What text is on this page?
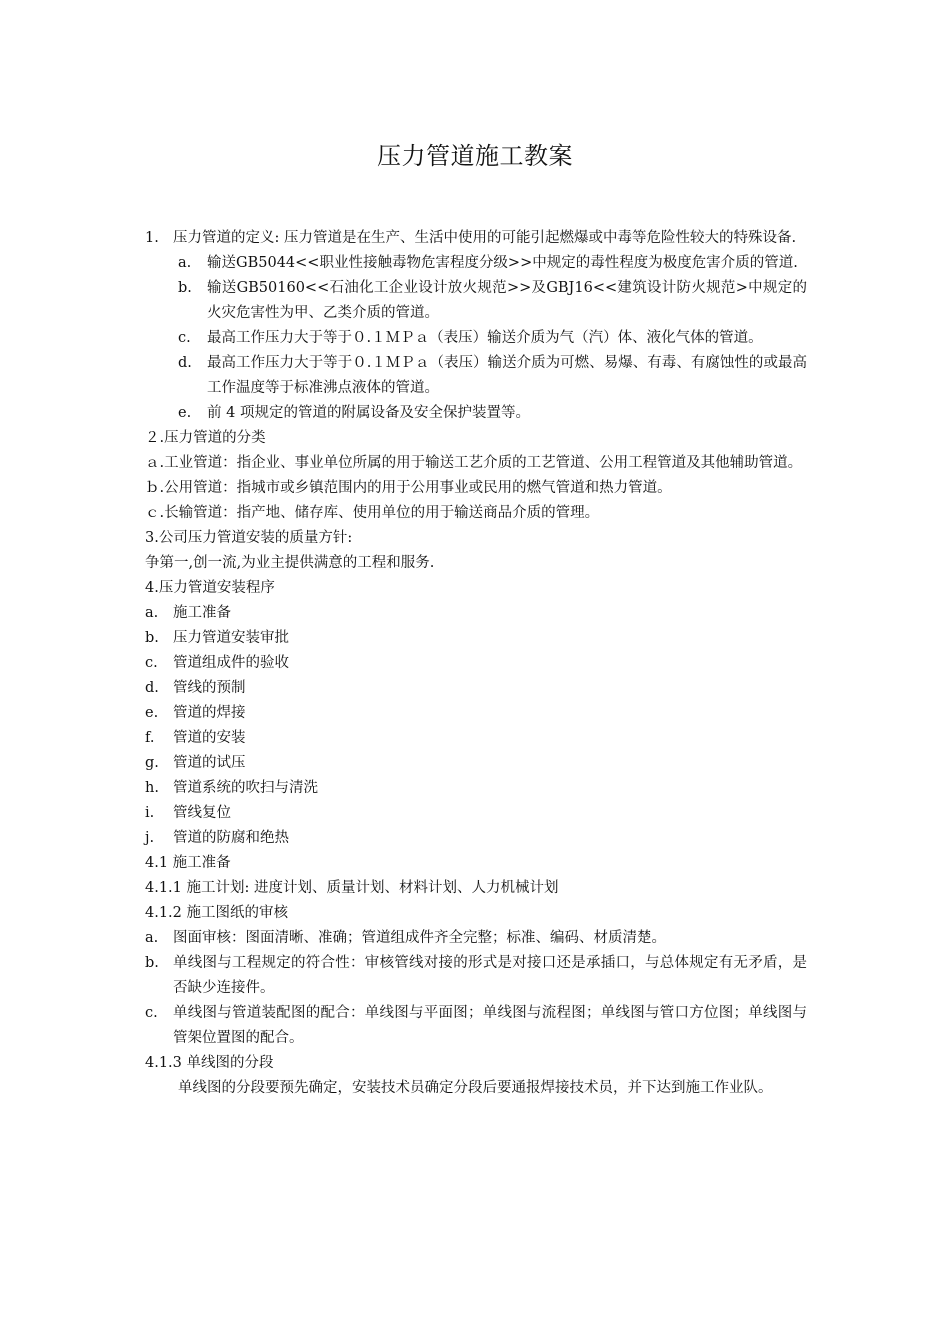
压力管道施工教案
1. 压力管道的定义: 压力管道是在生产、生活中使用的可能引起燃爆或中毒等危险性较大的特殊设备.
a. 输送GB5044<<职业性接触毒物危害程度分级>>中规定的毒性程度为极度危害介质的管道.
b. 输送GB50160<<石油化工企业设计放火规范>>及GBJ16<<建筑设计防火规范>中规定的火灾危害性为甲、乙类介质的管道。
c. 最高工作压力大于等于０.１ＭＰａ（表压）输送介质为气（汽）体、液化气体的管道。
d. 最高工作压力大于等于０.１ＭＰａ（表压）输送介质为可燃、易爆、有毒、有腐蚀性的或最高工作温度等于标准沸点液体的管道。
e. 前 4 项规定的管道的附属设备及安全保护装置等。
２.压力管道的分类
ａ.工业管道：指企业、事业单位所属的用于输送工艺介质的工艺管道、公用工程管道及其他辅助管道。
ｂ.公用管道：指城市或乡镇范围内的用于公用事业或民用的燃气管道和热力管道。
ｃ.长输管道：指产地、储存库、使用单位的用于输送商品介质的管理。
3.公司压力管道安装的质量方针:
争第一,创一流,为业主提供满意的工程和服务.
4.压力管道安装程序
a. 施工准备
b. 压力管道安装审批
c. 管道组成件的验收
d. 管线的预制
e. 管道的焊接
f. 管道的安装
g. 管道的试压
h. 管道系统的吹扫与清洗
i. 管线复位
j. 管道的防腐和绝热
4.1 施工准备
4.1.1 施工计划: 进度计划、质量计划、材料计划、人力机械计划
4.1.2 施工图纸的审核
a. 图面审核：图面清晰、准确；管道组成件齐全完整；标准、编码、材质清楚。
b. 单线图与工程规定的符合性：审核管线对接的形式是对接口还是承插口，与总体规定有无矛盾，是否缺少连接件。
c. 单线图与管道装配图的配合：单线图与平面图；单线图与流程图；单线图与管口方位图；单线图与管架位置图的配合。
4.1.3 单线图的分段
单线图的分段要预先确定，安装技术员确定分段后要通报焊接技术员，并下达到施工作业队。
